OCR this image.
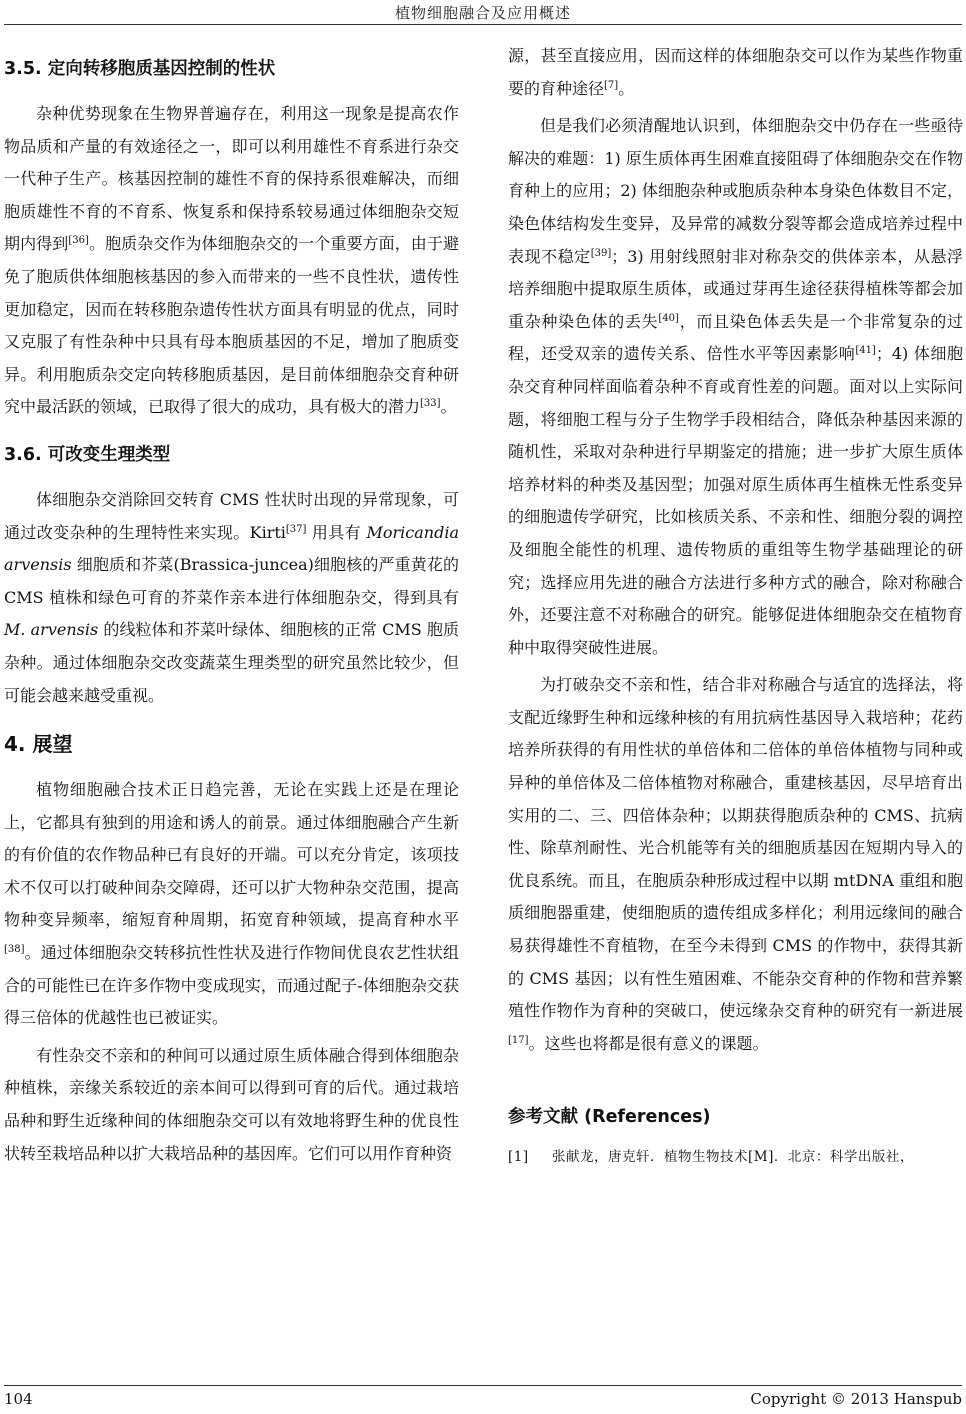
植物细胞融合及应用概述
3.5. 定向转移胞质基因控制的性状

杂种优势现象在生物界普遍存在，利用这一现象是提高农作物品质和产量的有效途径之一，即可以利用雄性不育系进行杂交一代种子生产。核基因控制的雄性不育的保持系很难解决，而细胞质雄性不育的不育系、恢复系和保持系较易通过体细胞杂交短期内得到[36]。胞质杂交作为体细胞杂交的一个重要方面，由于避免了胞质供体细胞核基因的参入而带来的一些不良性状，遗传性更加稳定，因而在转移胞杂遗传性状方面具有明显的优点，同时又克服了有性杂种中只具有母本胞质基因的不足，增加了胞质变异。利用胞质杂交定向转移胞质基因，是目前体细胞杂交育种研究中最活跃的领域，已取得了很大的成功，具有极大的潜力[33]。

3.6. 可改变生理类型

体细胞杂交消除回交转育 CMS 性状时出现的异常现象，可通过改变杂种的生理特性来实现。Kirti[37] 用具有 Moricandia arvensis 细胞质和芥菜(Brassica-juncea)细胞核的严重黄花的 CMS 植株和绿色可育的芥菜作亲本进行体细胞杂交，得到具有 M. arvensis 的线粒体和芥菜叶绿体、细胞核的正常 CMS 胞质杂种。通过体细胞杂交改变蔬菜生理类型的研究虽然比较少，但可能会越来越受重视。

4. 展望

植物细胞融合技术正日趋完善，无论在实践上还是在理论上，它都具有独到的用途和诱人的前景。通过体细胞融合产生新的有价值的农作物品种已有良好的开端。可以充分肯定，该项技术不仅可以打破种间杂交障碍，还可以扩大物种杂交范围，提高物种变异频率，缩短育种周期，拓宽育种领域，提高育种水平[38]。通过体细胞杂交转移抗性性状及进行作物间优良农艺性状组合的可能性已在许多作物中变成现实，而通过配子-体细胞杂交获得三倍体的优越性也已被证实。

有性杂交不亲和的种间可以通过原生质体融合得到体细胞杂种植株，亲缘关系较近的亲本间可以得到可育的后代。通过栽培品种和野生近缘种间的体细胞杂交可以有效地将野生种的优良性状转至栽培品种以扩大栽培品种的基因库。它们可以用作育种资

源，甚至直接应用，因而这样的体细胞杂交可以作为某些作物重要的育种途径[7]。

但是我们必须清醒地认识到，体细胞杂交中仍存在一些亟待解决的难题：1) 原生质体再生困难直接阻碍了体细胞杂交在作物育种上的应用；2) 体细胞杂种或胞质杂种本身染色体数目不定，染色体结构发生变异，及异常的减数分裂等都会造成培养过程中表现不稳定[39]；3) 用射线照射非对称杂交的供体亲本，从悬浮培养细胞中提取原生质体，或通过芽再生途径获得植株等都会加重杂种染色体的丢失[40]，而且染色体丢失是一个非常复杂的过程，还受双亲的遗传关系、倍性水平等因素影响[41]；4) 体细胞杂交育种同样面临着杂种不育或育性差的问题。面对以上实际问题，将细胞工程与分子生物学手段相结合，降低杂种基因来源的随机性，采取对杂种进行早期鉴定的措施；进一步扩大原生质体培养材料的种类及基因型；加强对原生质体再生植株无性系变异的细胞遗传学研究，比如核质关系、不亲和性、细胞分裂的调控及细胞全能性的机理、遗传物质的重组等生物学基础理论的研究；选择应用先进的融合方法进行多种方式的融合，除对称融合外，还要注意不对称融合的研究。能够促进体细胞杂交在植物育种中取得突破性进展。

为打破杂交不亲和性，结合非对称融合与适宜的选择法，将支配近缘野生种和远缘种核的有用抗病性基因导入栽培种；花药培养所获得的有用性状的单倍体和二倍体的单倍体植物与同种或异种的单倍体及二倍体植物对称融合，重建核基因，尽早培育出实用的二、三、四倍体杂种；以期获得胞质杂种的 CMS、抗病性、除草剂耐性、光合机能等有关的细胞质基因在短期内导入的优良系统。而且，在胞质杂种形成过程中以期 mtDNA 重组和胞质细胞器重建，使细胞质的遗传组成多样化；利用远缘间的融合易获得雄性不育植物，在至今未得到 CMS 的作物中，获得其新的 CMS 基因；以有性生殖困难、不能杂交育种的作物和营养繁殖性作物作为育种的突破口，使远缘杂交育种的研究有一新进展[17]。这些也将都是很有意义的课题。

参考文献 (References)
[1]	张献龙，唐克轩．植物生物技术[M]．北京：科学出版社，
104	Copyright © 2013 Hanspub
